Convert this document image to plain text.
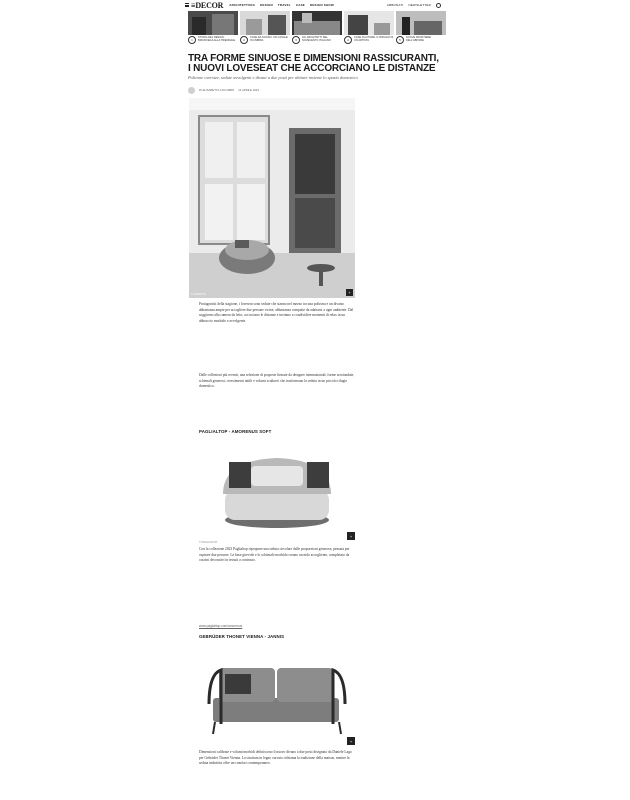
≡DECOR ARCHITETTURA DESIGN TRAVEL CASE DESIGN SHOW	ABBONATI NEWSLETTER
1
STORIA DEL DESIGN: BRIONVEGA ALLA TRIENNALE	2
CASE DA SOGNO: UN CASALE IN UMBRIA	3
GLI ARCHITETTI DEL NOVECENTO ITALIANO	4
CASE D'AUTORE: IL RIFUGIO DI UN ARTISTA	5
NUOVE FRONTIERE DELL'ABITARE
TRA FORME SINUOSE E DIMENSIONI RASSICURANTI, I NUOVI LOVESEAT CHE ACCORCIANO LE DISTANZE
Poltrone oversize, sedute avvolgenti e divani a due posti per abitare insieme lo spazio domestico
DI ELISABETTA COLOMBO 14 APRILE 2023
© ZANOTTA	+

Protagonisti della stagione, i loveseat sono sedute che stanno nel mezzo tra una poltrona e un divano: abbastanza ampie per accogliere due persone vicine, abbastanza compatte da adattarsi a ogni ambiente. Dal soggiorno alla camera da letto, accorciano le distanze e invitano a condividere momenti di relax in un abbraccio morbido e avvolgente.

Dalle collezioni più recenti, una selezione di proposte firmate da designer internazionali: forme arrotondate, schienali generosi, rivestimenti tattili e volumi scultorei che trasformano la seduta in un piccolo rifugio domestico.

PAGLIALTOP - AMORENUS SOFT
© PAGLIALTOP
+

Con la collezione 2023 Paglialtop ripropone una seduta circolare dalle proporzioni generose, pensata per ospitare due persone. La base girevole e lo schienale morbido creano un nido accogliente, completato da cuscini decorativi in tessuti a contrasto.

www.paglialtop.com/amorenus
GEBRÜDER THONET VIENNA - JANNIS
+

Dimensioni calibrate e volumi morbidi definiscono il nuovo divano a due posti disegnato da Daniele Lago per Gebrüder Thonet Vienna. La struttura in legno curvato richiama la tradizione della maison, mentre la seduta imbottita offre un comfort contemporaneo.
